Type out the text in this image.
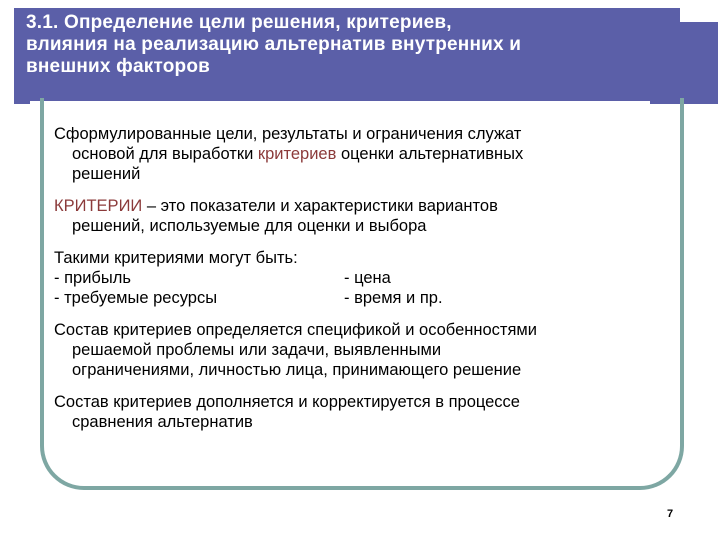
3.1. Определение цели решения, критериев,
влияния на реализацию альтернатив внутренних и
внешних факторов
Сформулированные цели, результаты и ограничения служат
основой для выработки критериев оценки альтернативных
решений
КРИТЕРИИ – это показатели и характеристики вариантов
решений, используемые для оценки и выбора
Такими критериями могут быть:
- прибыль	- цена
- требуемые ресурсы	- время и пр.
Состав критериев определяется спецификой и особенностями
решаемой проблемы или задачи, выявленными
ограничениями, личностью лица, принимающего решение
Состав критериев дополняется и корректируется в процессе
сравнения альтернатив
7
